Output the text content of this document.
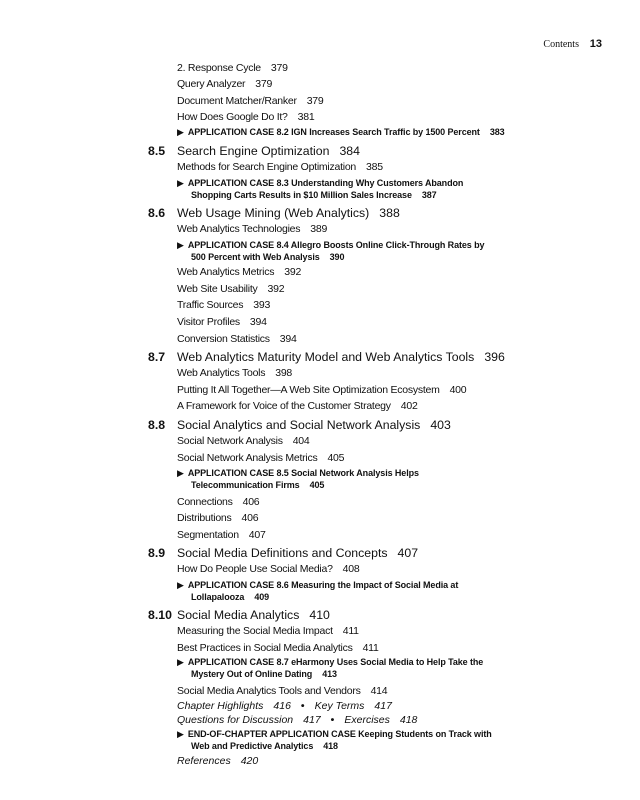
Contents 13
2. Response Cycle 379
Query Analyzer 379
Document Matcher/Ranker 379
How Does Google Do It? 381
▶ APPLICATION CASE 8.2 IGN Increases Search Traffic by 1500 Percent 383
8.5 Search Engine Optimization 384
Methods for Search Engine Optimization 385
▶ APPLICATION CASE 8.3 Understanding Why Customers Abandon
Shopping Carts Results in $10 Million Sales Increase 387
8.6 Web Usage Mining (Web Analytics) 388
Web Analytics Technologies 389
▶ APPLICATION CASE 8.4 Allegro Boosts Online Click-Through Rates by
500 Percent with Web Analysis 390
Web Analytics Metrics 392
Web Site Usability 392
Traffic Sources 393
Visitor Profiles 394
Conversion Statistics 394
8.7 Web Analytics Maturity Model and Web Analytics Tools 396
Web Analytics Tools 398
Putting It All Together—A Web Site Optimization Ecosystem 400
A Framework for Voice of the Customer Strategy 402
8.8 Social Analytics and Social Network Analysis 403
Social Network Analysis 404
Social Network Analysis Metrics 405
▶ APPLICATION CASE 8.5 Social Network Analysis Helps
Telecommunication Firms 405
Connections 406
Distributions 406
Segmentation 407
8.9 Social Media Definitions and Concepts 407
How Do People Use Social Media? 408
▶ APPLICATION CASE 8.6 Measuring the Impact of Social Media at
Lollapalooza 409
8.10 Social Media Analytics 410
Measuring the Social Media Impact 411
Best Practices in Social Media Analytics 411
▶ APPLICATION CASE 8.7 eHarmony Uses Social Media to Help Take the
Mystery Out of Online Dating 413
Social Media Analytics Tools and Vendors 414
Chapter Highlights 416 • Key Terms 417
Questions for Discussion 417 • Exercises 418
▶ END-OF-CHAPTER APPLICATION CASE Keeping Students on Track with
Web and Predictive Analytics 418
References 420
